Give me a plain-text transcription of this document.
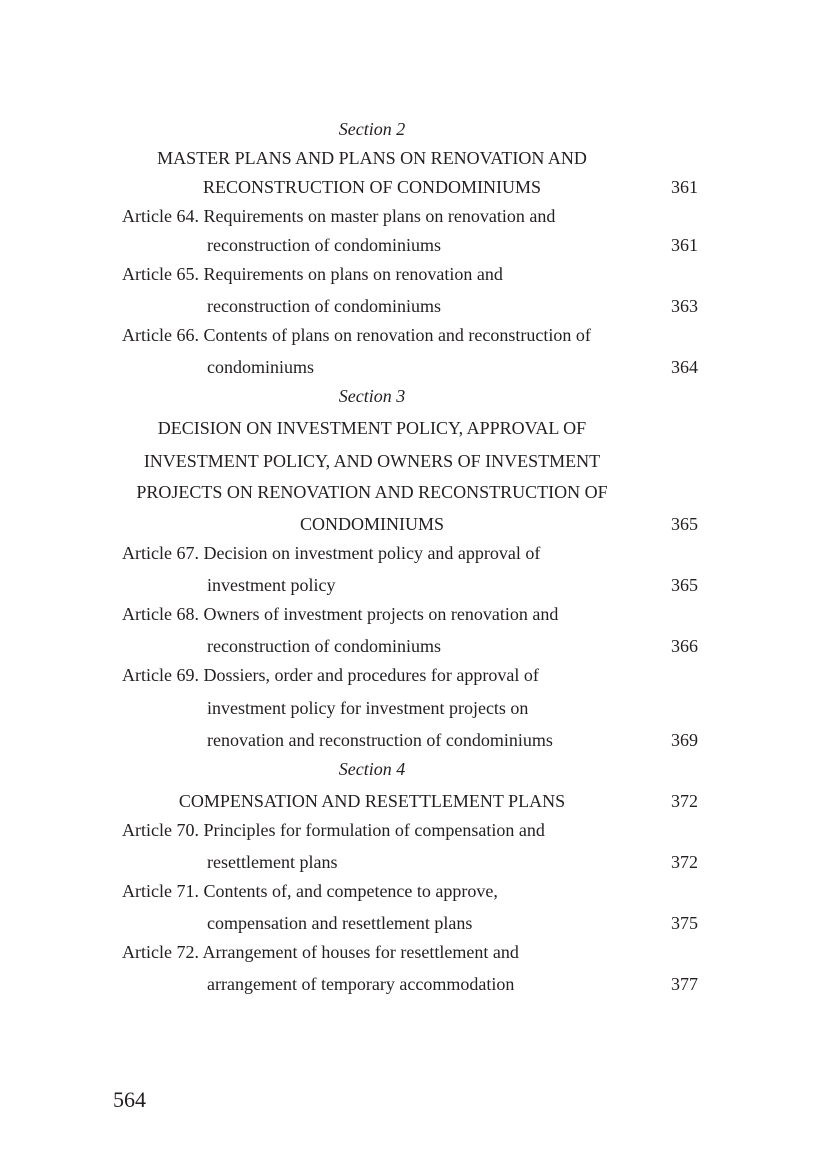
Section 2
MASTER PLANS AND PLANS ON RENOVATION AND
RECONSTRUCTION OF CONDOMINIUMS	361
Article 64. Requirements on master plans on renovation and
reconstruction of condominiums	361
Article 65. Requirements on plans on renovation and
reconstruction of condominiums	363
Article 66. Contents of plans on renovation and reconstruction of
condominiums	364
Section 3
DECISION ON INVESTMENT POLICY, APPROVAL OF
INVESTMENT POLICY, AND OWNERS OF INVESTMENT
PROJECTS ON RENOVATION AND RECONSTRUCTION OF
CONDOMINIUMS	365
Article 67. Decision on investment policy and approval of
investment policy	365
Article 68. Owners of investment projects on renovation and
reconstruction of condominiums	366
Article 69. Dossiers, order and procedures for approval of
investment policy for investment projects on
renovation and reconstruction of condominiums	369
Section 4
COMPENSATION AND RESETTLEMENT PLANS	372
Article 70. Principles for formulation of compensation and
resettlement plans	372
Article 71. Contents of, and competence to approve,
compensation and resettlement plans	375
Article 72. Arrangement of houses for resettlement and
arrangement of temporary accommodation	377
564
